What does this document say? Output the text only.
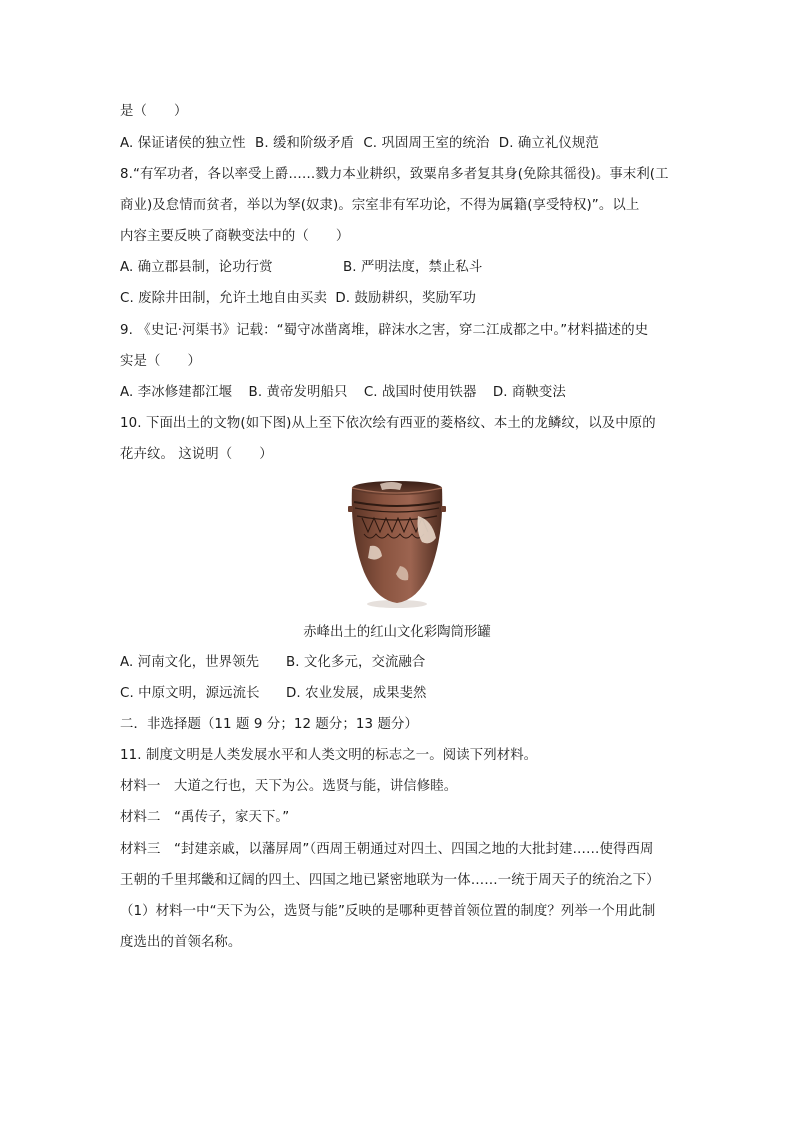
是（　　）
A. 保证诸侯的独立性 B. 缓和阶级矛盾 C. 巩固周王室的统治 D. 确立礼仪规范
8.“有军功者，各以率受上爵……戮力本业耕织，致粟帛多者复其身(免除其徭役)。事末利(工
商业)及怠情而贫者，举以为孥(奴隶)。宗室非有军功论，不得为属籍(享受特权)”。以上
内容主要反映了商鞅变法中的（　　）
A. 确立郡县制，论功行赏	B. 严明法度，禁止私斗
C. 废除井田制，允许土地自由买卖 D. 鼓励耕织，奖励军功
9. 《史记·河渠书》记载：“蜀守冰凿离堆，辟沫水之害，穿二江成都之中。”材料描述的史
实是（　　）
A. 李冰修建都江堰 B. 黄帝发明船只 C. 战国时使用铁器 D. 商鞅变法
10. 下面出土的文物(如下图)从上至下依次绘有西亚的菱格纹、本土的龙鳞纹，以及中原的
花卉纹。 这说明（　　）
赤峰出土的红山文化彩陶筒形罐
A. 河南文化，世界领先 B. 文化多元，交流融合
C. 中原文明，源远流长 D. 农业发展，成果斐然
二．非选择题（11 题 9 分；12 题分；13 题分）
11. 制度文明是人类发展水平和人类文明的标志之一。阅读下列材料。
材料一　大道之行也，天下为公。选贤与能，讲信修睦。
材料二　“禹传子，家天下。”
材料三　“封建亲戚，以藩屏周”（西周王朝通过对四土、四国之地的大批封建……使得西周
王朝的千里邦畿和辽阔的四土、四国之地已紧密地联为一体……一统于周天子的统治之下）
（1）材料一中“天下为公，选贤与能”反映的是哪种更替首领位置的制度？列举一个用此制
度选出的首领名称。
